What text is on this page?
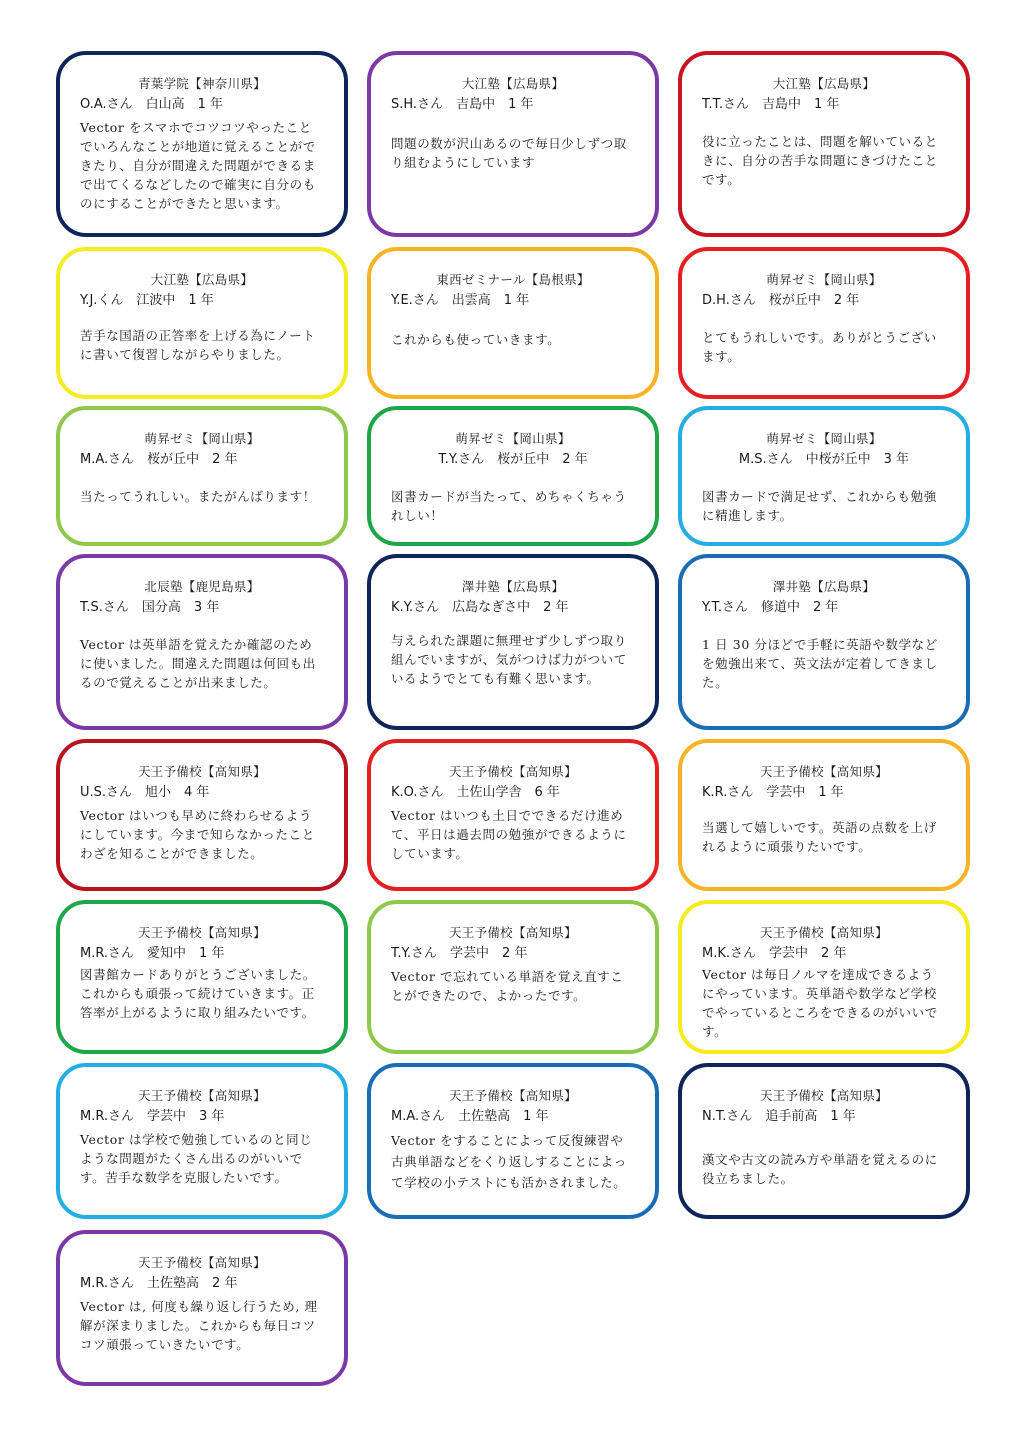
青葉学院【神奈川県】
O.A.さん　白山高　1 年
Vector をスマホでコツコツやったことでいろんなことが地道に覚えることができたり、自分が間違えた問題ができるまで出てくるなどしたので確実に自分のものにすることができたと思います。
大江塾【広島県】
S.H.さん　吉島中　1 年
問題の数が沢山あるので毎日少しずつ取り組むようにしています
大江塾【広島県】
T.T.さん　吉島中　1 年
役に立ったことは、問題を解いているときに、自分の苦手な問題にきづけたことです。
大江塾【広島県】
Y.J.くん　江波中　1 年
苦手な国語の正答率を上げる為にノートに書いて復習しながらやりました。
東西ゼミナール【島根県】
Y.E.さん　出雲高　1 年
これからも使っていきます。
萌昇ゼミ【岡山県】
D.H.さん　桜が丘中　2 年
とてもうれしいです。ありがとうございます。
萌昇ゼミ【岡山県】
M.A.さん　桜が丘中　2 年
当たってうれしい。またがんばります！
萌昇ゼミ【岡山県】
T.Y.さん　桜が丘中　2 年
図書カードが当たって、めちゃくちゃうれしい！
萌昇ゼミ【岡山県】
M.S.さん　中桜が丘中　3 年
図書カードで満足せず、これからも勉強に精進します。
北辰塾【鹿児島県】
T.S.さん　国分高　3 年
Vector は英単語を覚えたか確認のために使いました。間違えた問題は何回も出るので覚えることが出来ました。
澤井塾【広島県】
K.Y.さん　広島なぎさ中　2 年
与えられた課題に無理せず少しずつ取り組んでいますが、気がつけば力がついているようでとても有難く思います。
澤井塾【広島県】
Y.T.さん　修道中　2 年
1 日 30 分ほどで手軽に英語や数学などを勉強出来て、英文法が定着してきました。
天王予備校【高知県】
U.S.さん　旭小　4 年
Vector はいつも早めに終わらせるようにしています。今まで知らなかったことわざを知ることができました。
天王予備校【高知県】
K.O.さん　土佐山学舎　6 年
Vector はいつも土日でできるだけ進めて、平日は過去問の勉強ができるようにしています。
天王予備校【高知県】
K.R.さん　学芸中　1 年
当選して嬉しいです。英語の点数を上げれるように頑張りたいです。
天王予備校【高知県】
M.R.さん　愛知中　1 年
図書館カードありがとうございました。これからも頑張って続けていきます。正答率が上がるように取り組みたいです。
天王予備校【高知県】
T.Y.さん　学芸中　2 年
Vector で忘れている単語を覚え直すことができたので、よかったです。
天王予備校【高知県】
M.K.さん　学芸中　2 年
Vector は毎日ノルマを達成できるようにやっています。英単語や数学など学校でやっているところをできるのがいいです。
天王予備校【高知県】
M.R.さん　学芸中　3 年
Vector は学校で勉強しているのと同じような問題がたくさん出るのがいいです。苦手な数学を克服したいです。
天王予備校【高知県】
M.A.さん　土佐塾高　1 年
Vector をすることによって反復練習や古典単語などをくり返しすることによって学校の小テストにも活かされました。
天王予備校【高知県】
N.T.さん　追手前高　1 年
漢文や古文の読み方や単語を覚えるのに役立ちました。
天王予備校【高知県】
M.R.さん　土佐塾高　2 年
Vector は, 何度も繰り返し行うため, 理解が深まりました。これからも毎日コツコツ頑張っていきたいです。
